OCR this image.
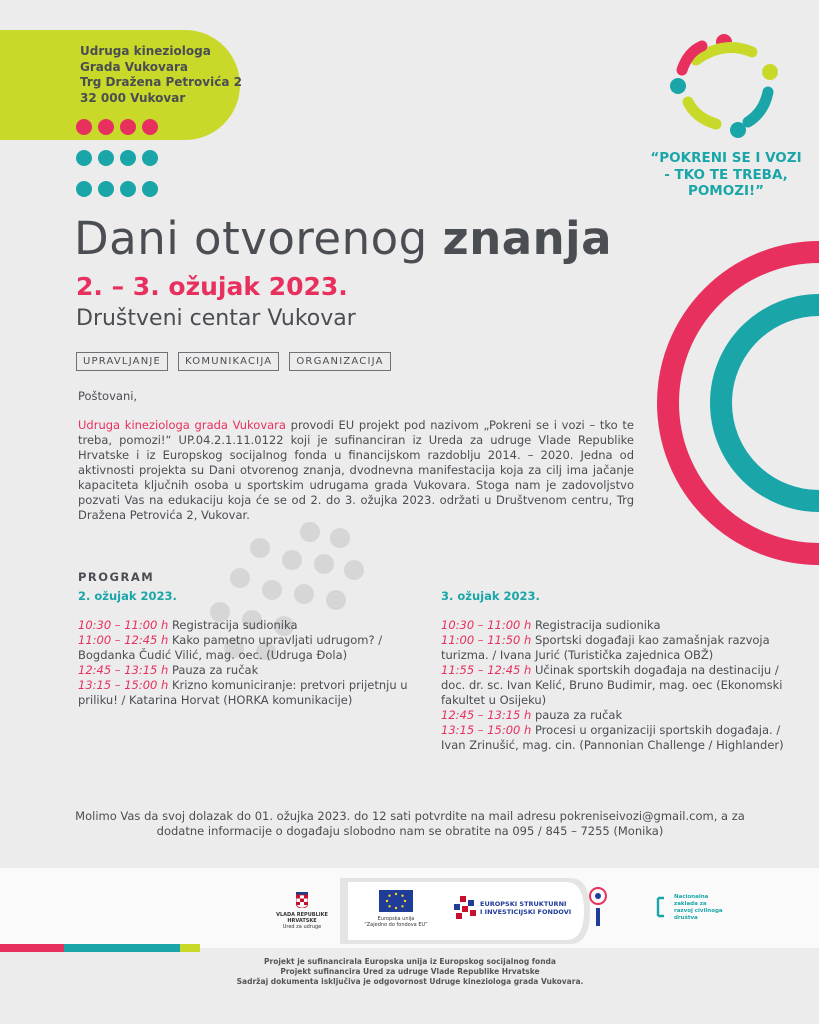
Udruga kineziologa
Grada Vukovara
Trg Dražena Petrovića 2
32 000 Vukovar
“POKRENI SE I VOZI - TKO TE TREBA, POMOZI!”
Dani otvorenog znanja
2. – 3. ožujak 2023.
Društveni centar Vukovar
UPRAVLJANJE	KOMUNIKACIJA	ORGANIZACIJA
Poštovani,
Udruga kineziologa grada Vukovara provodi EU projekt pod nazivom „Pokreni se i vozi – tko te treba, pomozi!“ UP.04.2.1.11.0122 koji je sufinanciran iz Ureda za udruge Vlade Republike Hrvatske i iz Europskog socijalnog fonda u financijskom razdoblju 2014. – 2020. Jedna od aktivnosti projekta su Dani otvorenog znanja, dvodnevna manifestacija koja za cilj ima jačanje kapaciteta ključnih osoba u sportskim udrugama grada Vukovara. Stoga nam je zadovoljstvo pozvati Vas na edukaciju koja će se od 2. do 3. ožujka 2023. održati u Društvenom centru, Trg Dražena Petrovića 2, Vukovar.
PROGRAM
2. ožujak 2023.
10:30 – 11:00 h Registracija sudionika
11:00 – 12:45 h Kako pametno upravljati udrugom? / Bogdanka Čudić Vilić, mag. oec. (Udruga Đola)
12:45 – 13:15 h Pauza za ručak
13:15 – 15:00 h Krizno komuniciranje: pretvori prijetnju u priliku! / Katarina Horvat (HORKA komunikacije)
3. ožujak 2023.
10:30 – 11:00 h Registracija sudionika
11:00 – 11:50 h Sportski događaji kao zamašnjak razvoja turizma. / Ivana Jurić (Turistička zajednica OBŽ)
11:55 – 12:45 h Učinak sportskih događaja na destinaciju / doc. dr. sc. Ivan Kelić, Bruno Budimir, mag. oec (Ekonomski fakultet u Osijeku)
12:45 – 13:15 h pauza za ručak
13:15 – 15:00 h Procesi u organizaciji sportskih događaja. / Ivan Zrinušić, mag. cin. (Pannonian Challenge / Highlander)
Molimo Vas da svoj dolazak do 01. ožujka 2023. do 12 sati potvrdite na mail adresu pokreniseivozi@gmail.com, a za dodatne informacije o događaju slobodno nam se obratite na 095 / 845 – 7255 (Monika)
VLADA REPUBLIKE HRVATSKE
Ured za udruge
Europska unija
“Zajedno do fondova EU”
EUROPSKI STRUKTURNI
I INVESTICIJSKI FONDOVI
Nacionalna zaklada za razvoj civilnoga društva
Projekt je sufinancirala Europska unija iz Europskog socijalnog fonda
Projekt sufinancira Ured za udruge Vlade Republike Hrvatske
Sadržaj dokumenta isključiva je odgovornost Udruge kineziologa grada Vukovara.
